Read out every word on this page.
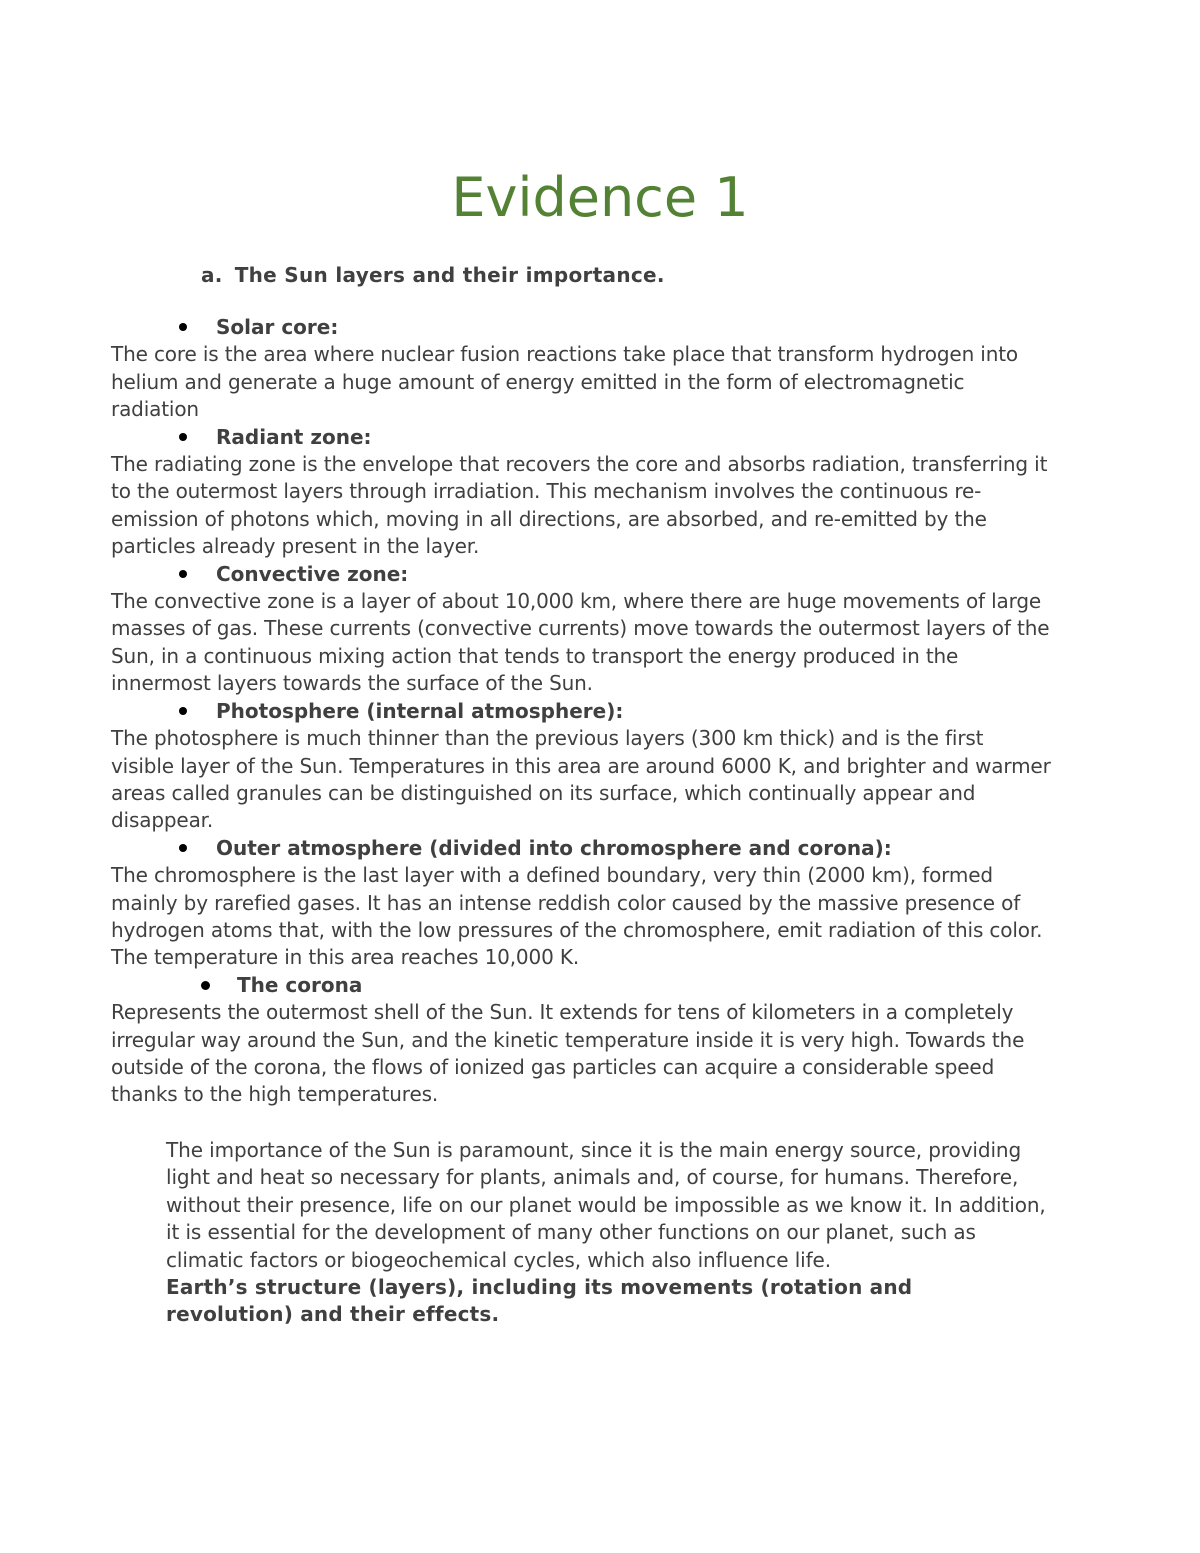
Evidence 1
a. The Sun layers and their importance.
Solar core:
The core is the area where nuclear fusion reactions take place that transform hydrogen into helium and generate a huge amount of energy emitted in the form of electromagnetic radiation
Radiant zone:
The radiating zone is the envelope that recovers the core and absorbs radiation, transferring it to the outermost layers through irradiation. This mechanism involves the continuous re-emission of photons which, moving in all directions, are absorbed, and re-emitted by the particles already present in the layer.
Convective zone:
The convective zone is a layer of about 10,000 km, where there are huge movements of large masses of gas. These currents (convective currents) move towards the outermost layers of the Sun, in a continuous mixing action that tends to transport the energy produced in the innermost layers towards the surface of the Sun.
Photosphere (internal atmosphere):
The photosphere is much thinner than the previous layers (300 km thick) and is the first visible layer of the Sun. Temperatures in this area are around 6000 K, and brighter and warmer areas called granules can be distinguished on its surface, which continually appear and disappear.
Outer atmosphere (divided into chromosphere and corona):
The chromosphere is the last layer with a defined boundary, very thin (2000 km), formed mainly by rarefied gases. It has an intense reddish color caused by the massive presence of hydrogen atoms that, with the low pressures of the chromosphere, emit radiation of this color. The temperature in this area reaches 10,000 K.
The corona
Represents the outermost shell of the Sun. It extends for tens of kilometers in a completely irregular way around the Sun, and the kinetic temperature inside it is very high. Towards the outside of the corona, the flows of ionized gas particles can acquire a considerable speed thanks to the high temperatures.
The importance of the Sun is paramount, since it is the main energy source, providing light and heat so necessary for plants, animals and, of course, for humans. Therefore, without their presence, life on our planet would be impossible as we know it. In addition, it is essential for the development of many other functions on our planet, such as climatic factors or biogeochemical cycles, which also influence life.
Earth’s structure (layers), including its movements (rotation and revolution) and their effects.
